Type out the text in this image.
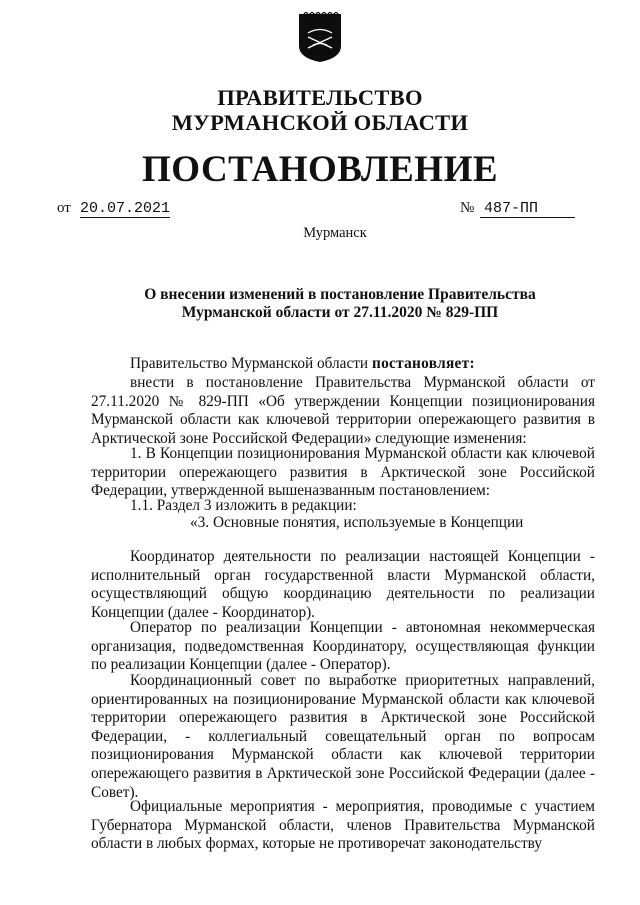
ПРАВИТЕЛЬСТВО
МУРМАНСКОЙ ОБЛАСТИ
ПОСТАНОВЛЕНИЕ
от 20.07.2021	№ 487-ПП
Мурманск
О внесении изменений в постановление Правительства
Мурманской области от 27.11.2020 № 829-ПП
Правительство Мурманской области постановляет:
внести в постановление Правительства Мурманской области от 27.11.2020 № 829-ПП «Об утверждении Концепции позиционирования Мурманской области как ключевой территории опережающего развития в Арктической зоне Российской Федерации» следующие изменения:
1. В Концепции позиционирования Мурманской области как ключевой территории опережающего развития в Арктической зоне Российской Федерации, утвержденной вышеназванным постановлением:
1.1. Раздел 3 изложить в редакции:
«3. Основные понятия, используемые в Концепции
Координатор деятельности по реализации настоящей Концепции - исполнительный орган государственной власти Мурманской области, осуществляющий общую координацию деятельности по реализации Концепции (далее - Координатор).
Оператор по реализации Концепции - автономная некоммерческая организация, подведомственная Координатору, осуществляющая функции по реализации Концепции (далее - Оператор).
Координационный совет по выработке приоритетных направлений, ориентированных на позиционирование Мурманской области как ключевой территории опережающего развития в Арктической зоне Российской Федерации, - коллегиальный совещательный орган по вопросам позиционирования Мурманской области как ключевой территории опережающего развития в Арктической зоне Российской Федерации (далее - Совет).
Официальные мероприятия - мероприятия, проводимые с участием Губернатора Мурманской области, членов Правительства Мурманской области в любых формах, которые не противоречат законодательству
